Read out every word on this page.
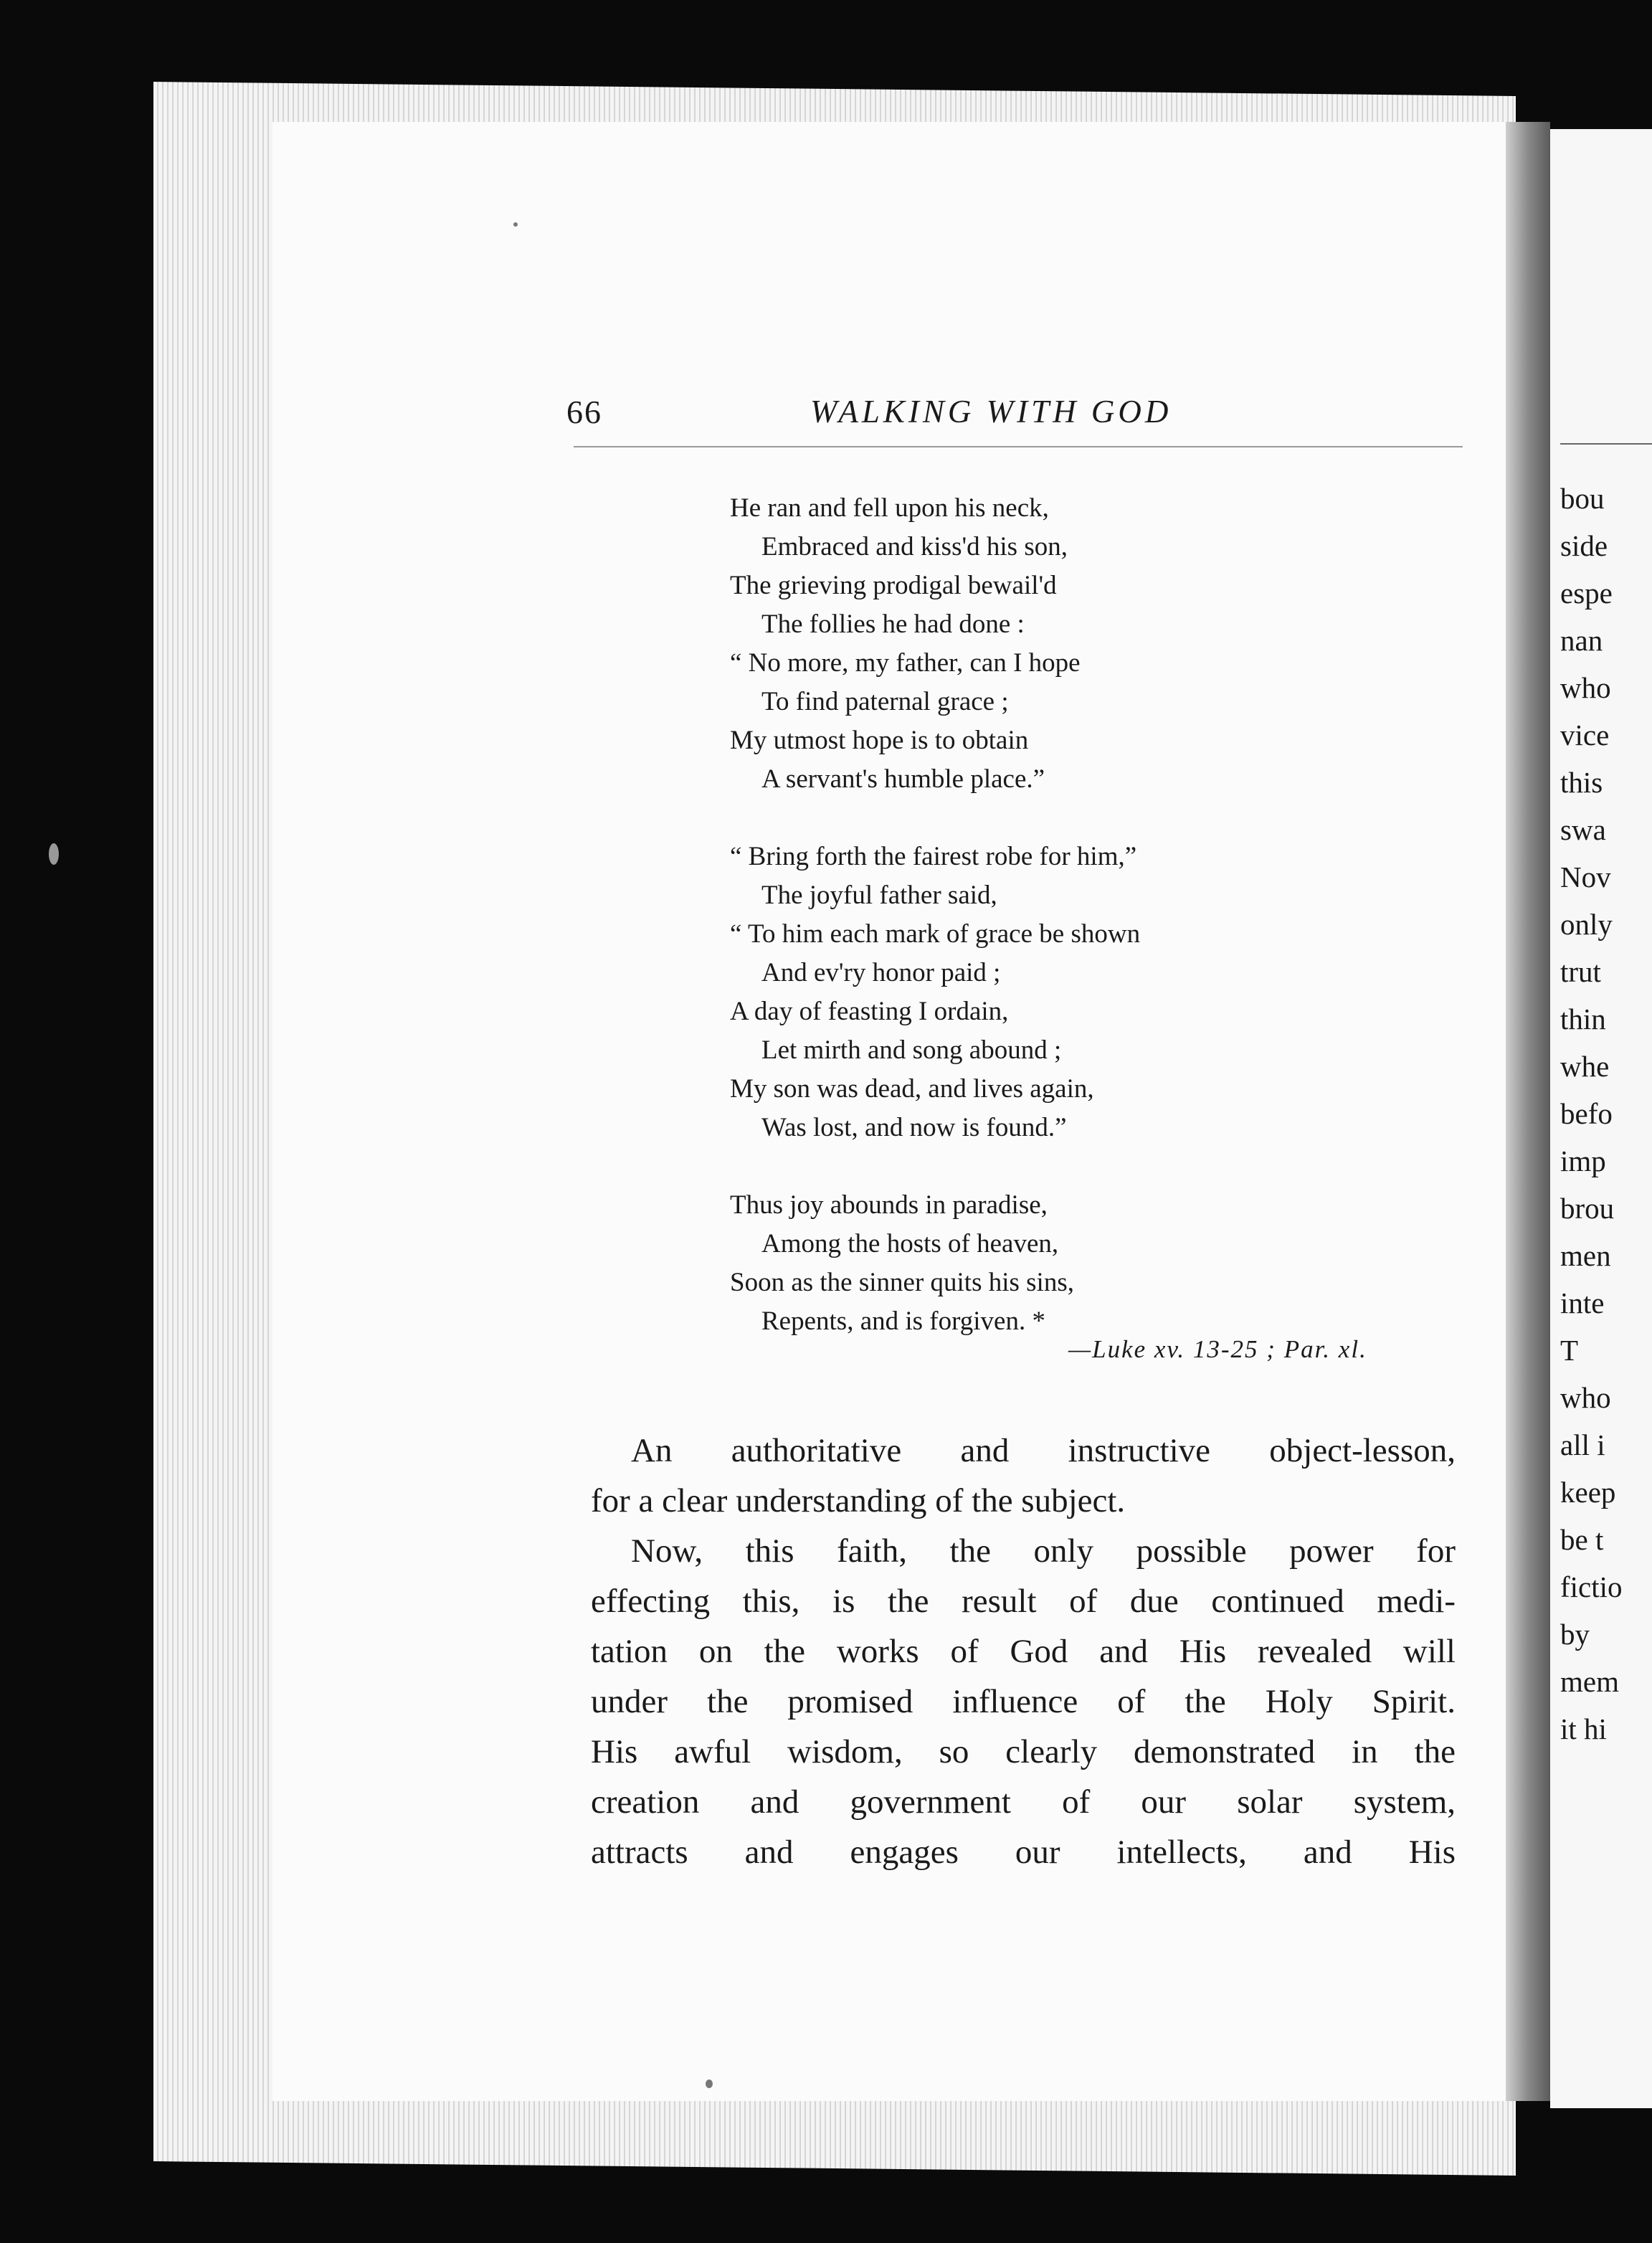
bou
side
espe
nan
who
vice
this
swa
Nov
only
trut
thin
whe
befo
imp
brou
men
inte
T
who
all i
keep
be t
fictio
by
mem
it hi
66	WALKING WITH GOD
He ran and fell upon his neck,
Embraced and kiss'd his son,
The grieving prodigal bewail'd
The follies he had done :
“ No more, my father, can I hope
To find paternal grace ;
My utmost hope is to obtain
A servant's humble place.”
“ Bring forth the fairest robe for him,”
The joyful father said,
“ To him each mark of grace be shown
And ev'ry honor paid ;
A day of feasting I ordain,
Let mirth and song abound ;
My son was dead, and lives again,
Was lost, and now is found.”
Thus joy abounds in paradise,
Among the hosts of heaven,
Soon as the sinner quits his sins,
Repents, and is forgiven. *
—Luke xv. 13-25 ; Par. xl.

An authoritative and instructive object-lesson,
for a clear understanding of the subject.

Now, this faith, the only possible power for
effecting this, is the result of due continued medi-
tation on the works of God and His revealed will
under the promised influence of the Holy Spirit.
His awful wisdom, so clearly demonstrated in the
creation and government of our solar system,
attracts and engages our intellects, and His
